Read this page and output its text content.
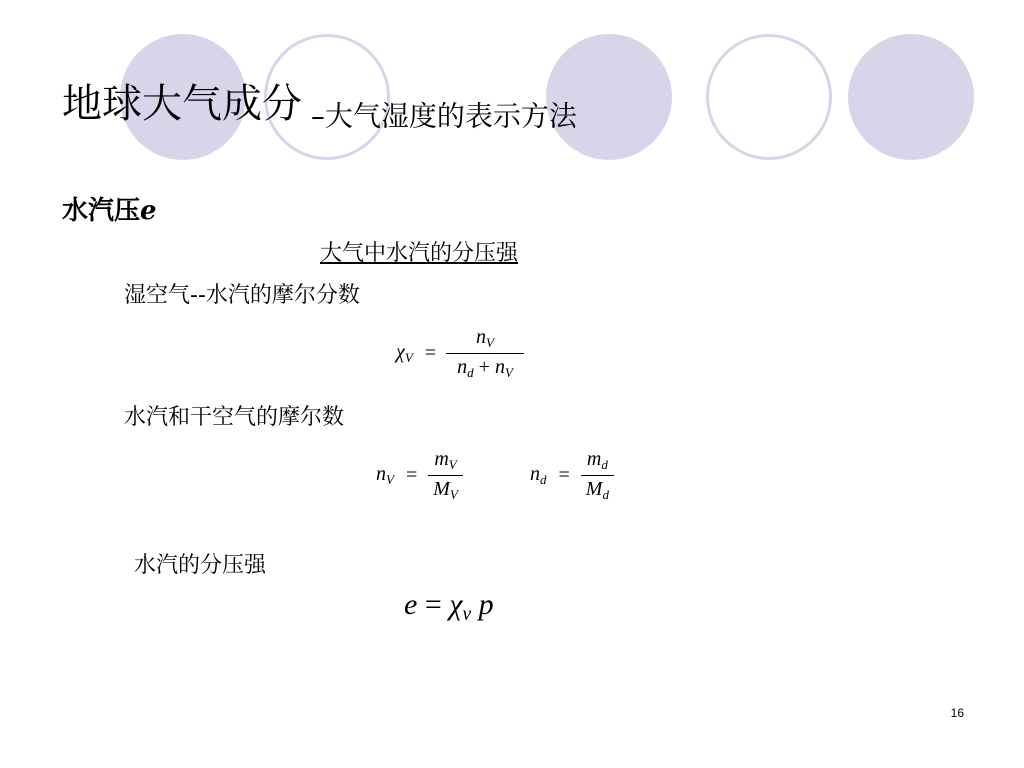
地球大气成分 –大气湿度的表示方法
水汽压e
大气中水汽的分压强
湿空气--水汽的摩尔分数
$\chi_V = \frac{n_V}{n_d + n_V}$
水汽和干空气的摩尔数
$n_V = \frac{m_V}{M_V}$	$n_d = \frac{m_d}{M_d}$
水汽的分压强
$e = \chi_v$ p
16
